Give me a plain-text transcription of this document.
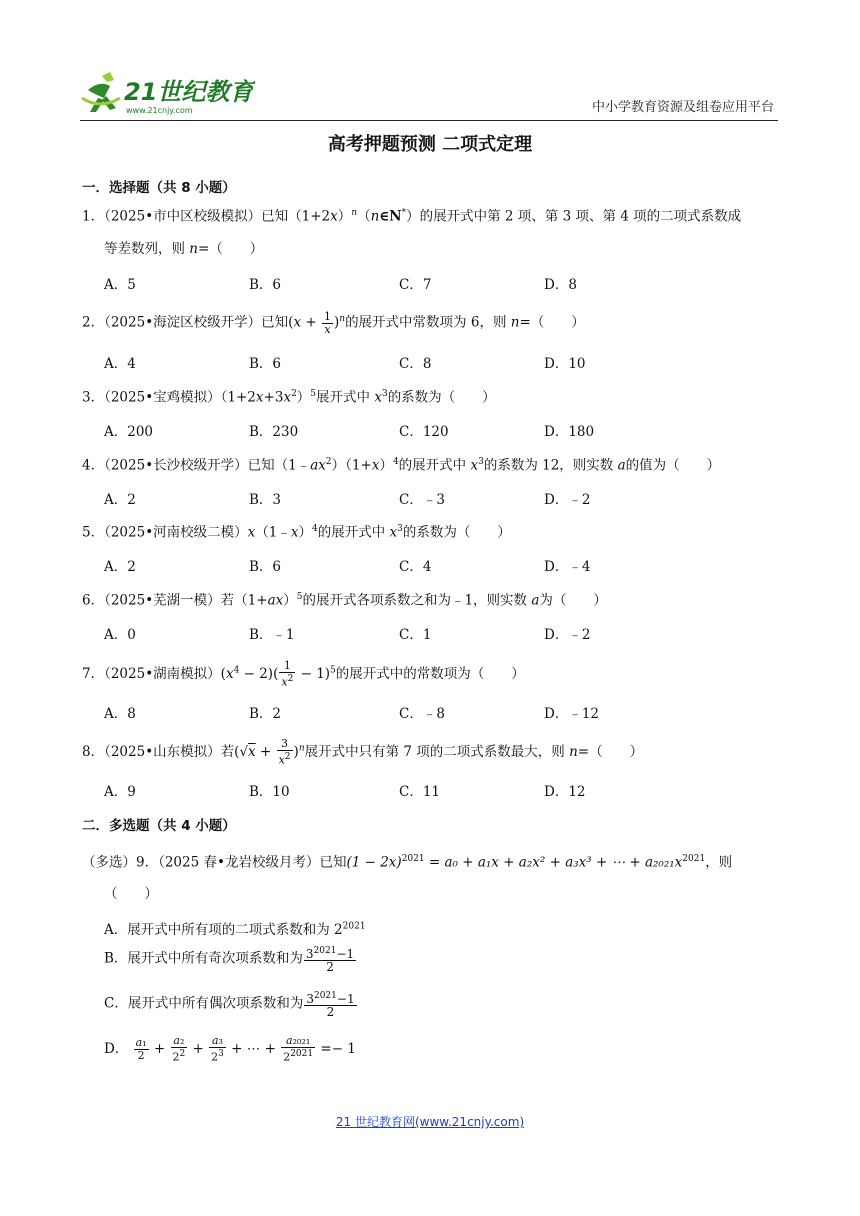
21世纪教育
www.21cnjy.com	中小学教育资源及组卷应用平台
高考押题预测 二项式定理
一．选择题（共 8 小题）
1．（2025•市中区校级模拟）已知$(1+2x)^n(n\in N^*)$的展开式中第 2 项、第 3 项、第 4 项的二项式系数成
等差数列，则 n=（　　）
A．5	B．6	C．7	D．8
2．（2025•海淀区校级开学）已知$(x + \frac{1}{x} )^n$的展开式中常数项为 6，则 n=（　　）
A．4	B．6	C．8	D．10
3．（2025•宝鸡模拟）$(1+2x+3x^2)^5$展开式中 $x^3$的系数为（　　）
A．200	B．230	C．120	D．180
4．（2025•长沙校级开学）已知$(1﹣ax^2)(1+x)^4$的展开式中 $x^3$的系数为 12，则实数 a的值为（　　）
A．2	B．3	C．﹣3	D．﹣2
5．（2025•河南校级二模）x（1﹣x）$^4$的展开式中 $x^3$的系数为（　　）
A．2	B．6	C．4	D．﹣4
6．（2025•芜湖一模）若$(1+ax)^5$的展开式各项系数之和为﹣1，则实数 a为（　　）
A．0	B．﹣1	C．1	D．﹣2
7．（2025•湖南模拟）$(x^4 - 2)( \frac{1}{x^2} - 1)^5$的展开式中的常数项为（　　）
A．8	B．2	C．﹣8	D．﹣12
8．（2025•山东模拟）若$(√x + \frac{3}{x^2} )^n$展开式中只有第 7 项的二项式系数最大，则 n=（　　）
A．9	B．10	C．11	D．12
二．多选题（共 4 小题）
（多选）9．（2025 春•龙岩校级月考）已知$(1 - 2x)^{2021} = a_0 + a_1x + a_2x^2 + a_3x^3$ + ⋯ + $a_{2021}x^{2021}$，则
（　　）
A．展开式中所有项的二项式系数和为 $2^{2021}$
B．展开式中所有奇次项系数和为 $\frac{3^{2021}-1}{2}$
C．展开式中所有偶次项系数和为 $\frac{3^{2021}-1}{2}$
D． $\frac{\text{a₁}}{2} + \frac{\text{a₂}}{2^2} + \frac{\text{a₃}}{2^3}$ + ⋯ + $\frac{\text{a₂₀₂₁}}{2^{2021}} =- 1$
21 世纪教育网(www.21cnjy.com)
